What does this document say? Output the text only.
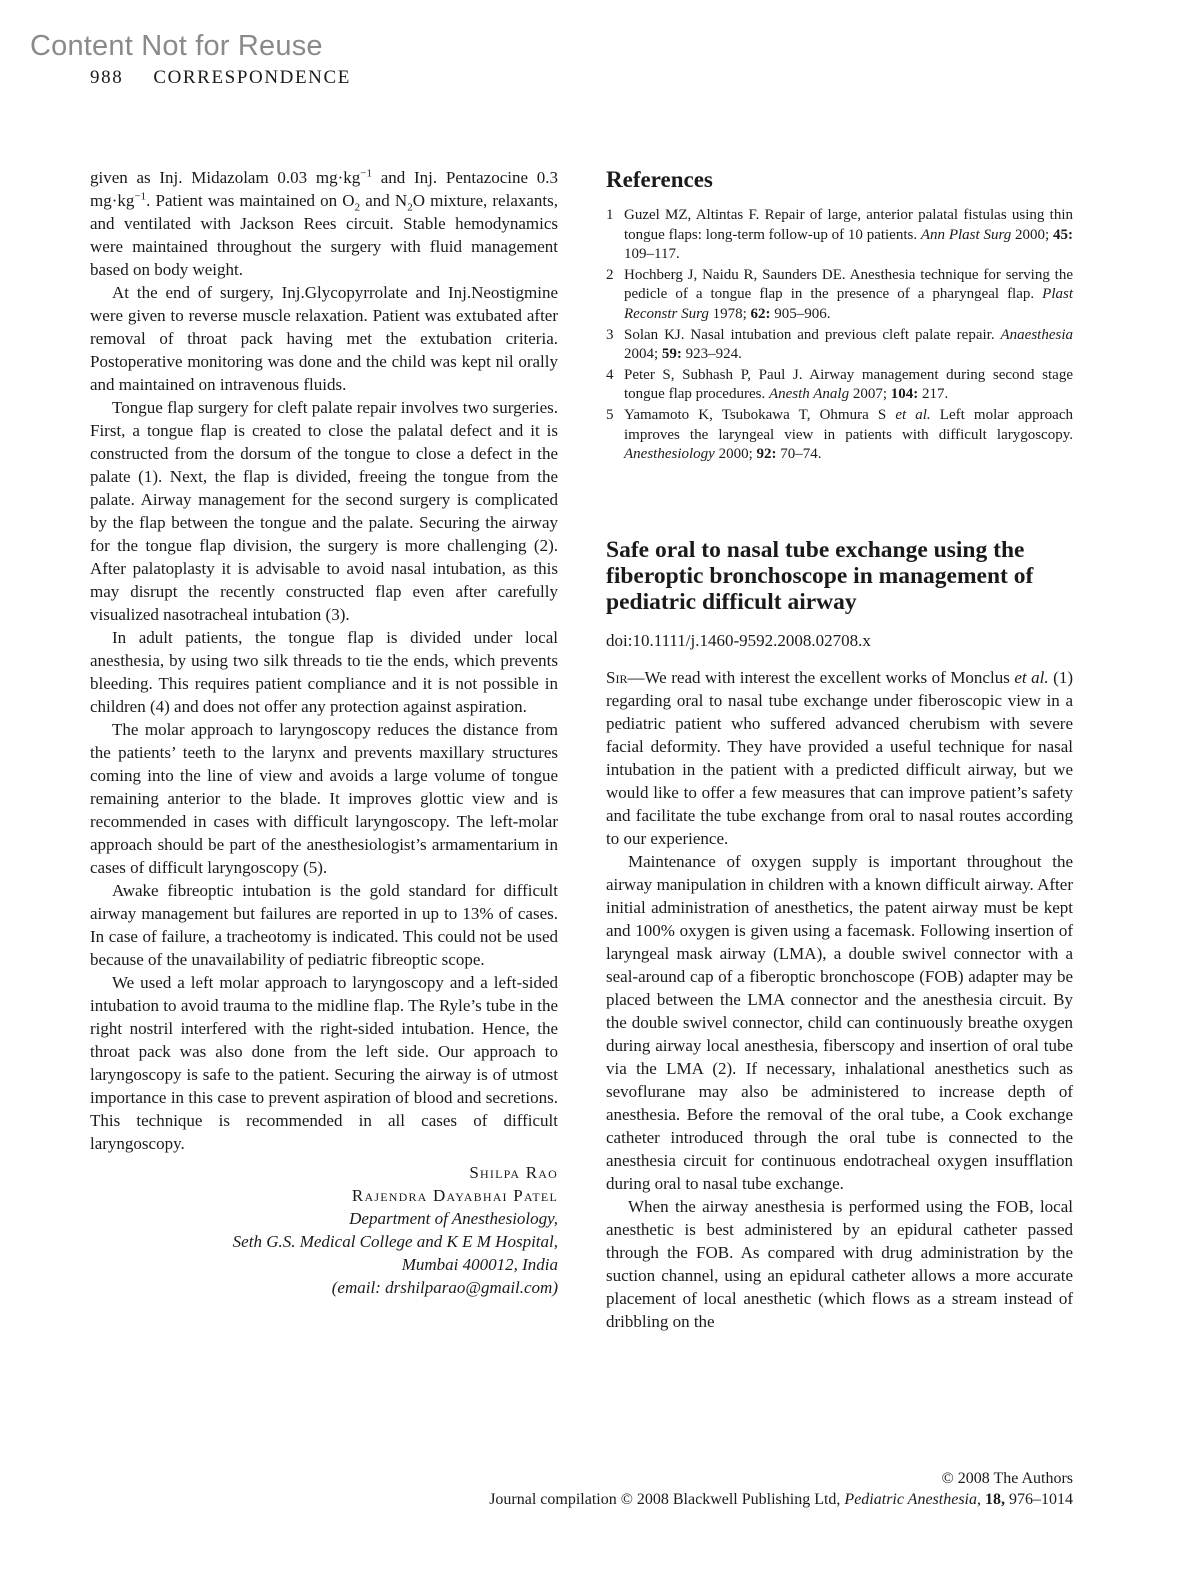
Content Not for Reuse
988 CORRESPONDENCE

given as Inj. Midazolam 0.03 $mg\cdot kg^{-1}$ and Inj. Pentazocine 0.3 $mg\cdot kg^{-1}$. Patient was maintained on $O_2$ and $N_2O$ mixture, relaxants, and ventilated with Jackson Rees circuit. Stable hemodynamics were maintained throughout the surgery with fluid management based on body weight.

At the end of surgery, Inj.Glycopyrrolate and Inj.Neostigmine were given to reverse muscle relaxation. Patient was extubated after removal of throat pack having met the extubation criteria. Postoperative monitoring was done and the child was kept nil orally and maintained on intravenous fluids.

Tongue flap surgery for cleft palate repair involves two surgeries. First, a tongue flap is created to close the palatal defect and it is constructed from the dorsum of the tongue to close a defect in the palate (1). Next, the flap is divided, freeing the tongue from the palate. Airway management for the second surgery is complicated by the flap between the tongue and the palate. Securing the airway for the tongue flap division, the surgery is more challenging (2). After palatoplasty it is advisable to avoid nasal intubation, as this may disrupt the recently constructed flap even after carefully visualized nasotracheal intubation (3).

In adult patients, the tongue flap is divided under local anesthesia, by using two silk threads to tie the ends, which prevents bleeding. This requires patient compliance and it is not possible in children (4) and does not offer any protection against aspiration.

The molar approach to laryngoscopy reduces the distance from the patients’ teeth to the larynx and prevents maxillary structures coming into the line of view and avoids a large volume of tongue remaining anterior to the blade. It improves glottic view and is recommended in cases with difficult laryngoscopy. The left-molar approach should be part of the anesthesiologist’s armamentarium in cases of difficult laryngoscopy (5).

Awake fibreoptic intubation is the gold standard for difficult airway management but failures are reported in up to 13% of cases. In case of failure, a tracheotomy is indicated. This could not be used because of the unavailability of pediatric fibreoptic scope.

We used a left molar approach to laryngoscopy and a left-sided intubation to avoid trauma to the midline flap. The Ryle’s tube in the right nostril interfered with the right-sided intubation. Hence, the throat pack was also done from the left side. Our approach to laryngoscopy is safe to the patient. Securing the airway is of utmost importance in this case to prevent aspiration of blood and secretions. This technique is recommended in all cases of difficult laryngoscopy.

Shilpa Rao
Rajendra Dayabhai Patel
Department of Anesthesiology,
Seth G.S. Medical College and K E M Hospital,
Mumbai 400012, India
(email: drshilparao@gmail.com)
References
1 Guzel MZ, Altintas F. Repair of large, anterior palatal fistulas using thin tongue flaps: long-term follow-up of 10 patients. Ann Plast Surg 2000; 45: 109–117.
2 Hochberg J, Naidu R, Saunders DE. Anesthesia technique for serving the pedicle of a tongue flap in the presence of a pharyngeal flap. Plast Reconstr Surg 1978; 62: 905–906.
3 Solan KJ. Nasal intubation and previous cleft palate repair. Anaesthesia 2004; 59: 923–924.
4 Peter S, Subhash P, Paul J. Airway management during second stage tongue flap procedures. Anesth Analg 2007; 104: 217.
5 Yamamoto K, Tsubokawa T, Ohmura S et al. Left molar approach improves the laryngeal view in patients with difficult larygoscopy. Anesthesiology 2000; 92: 70–74.
Safe oral to nasal tube exchange using the fiberoptic bronchoscope in management of pediatric difficult airway
doi:10.1111/j.1460-9592.2008.02708.x

Sir—We read with interest the excellent works of Monclus et al. (1) regarding oral to nasal tube exchange under fiberoscopic view in a pediatric patient who suffered advanced cherubism with severe facial deformity. They have provided a useful technique for nasal intubation in the patient with a predicted difficult airway, but we would like to offer a few measures that can improve patient’s safety and facilitate the tube exchange from oral to nasal routes according to our experience.

Maintenance of oxygen supply is important throughout the airway manipulation in children with a known difficult airway. After initial administration of anesthetics, the patent airway must be kept and 100% oxygen is given using a facemask. Following insertion of laryngeal mask airway (LMA), a double swivel connector with a seal-around cap of a fiberoptic bronchoscope (FOB) adapter may be placed between the LMA connector and the anesthesia circuit. By the double swivel connector, child can continuously breathe oxygen during airway local anesthesia, fiberscopy and insertion of oral tube via the LMA (2). If necessary, inhalational anesthetics such as sevoflurane may also be administered to increase depth of anesthesia. Before the removal of the oral tube, a Cook exchange catheter introduced through the oral tube is connected to the anesthesia circuit for continuous endotracheal oxygen insufflation during oral to nasal tube exchange.

When the airway anesthesia is performed using the FOB, local anesthetic is best administered by an epidural catheter passed through the FOB. As compared with drug administration by the suction channel, using an epidural catheter allows a more accurate placement of local anesthetic (which flows as a stream instead of dribbling on the

© 2008 The Authors
Journal compilation © 2008 Blackwell Publishing Ltd, Pediatric Anesthesia, 18, 976–1014
